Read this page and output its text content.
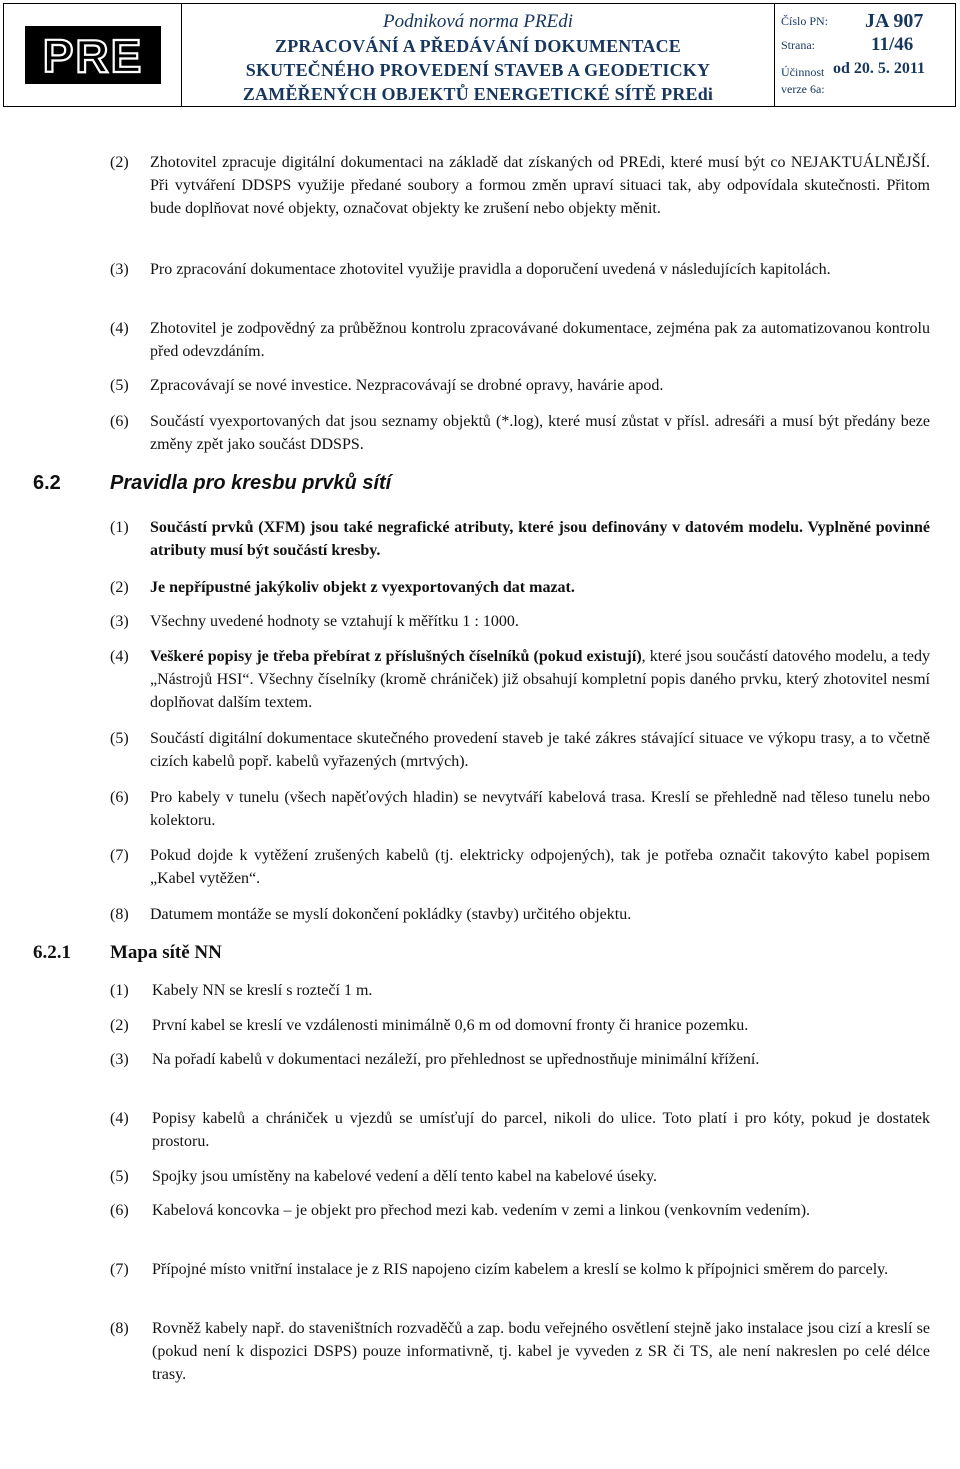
PRE
Podniková norma PREdi
ZPRACOVÁNÍ A PŘEDÁVÁNÍ DOKUMENTACE
SKUTEČNÉHO PROVEDENÍ STAVEB A GEODETICKY
ZAMĚŘENÝCH OBJEKTŮ ENERGETICKÉ SÍTĚ PREdi
Číslo PN: JA 907
Strana:	11/46
Účinnost od 20. 5. 2011
verze 6a:
(2) Zhotovitel zpracuje digitální dokumentaci na základě dat získaných od PREdi, které musí být co NEJAKTUÁLNĚJŠÍ. Při vytváření DDSPS využije předané soubory a formou změn upraví situaci tak, aby odpovídala skutečnosti. Přitom bude doplňovat nové objekty, označovat objekty ke zrušení nebo objekty měnit.
(3) Pro zpracování dokumentace zhotovitel využije pravidla a doporučení uvedená v následujících kapitolách.
(4) Zhotovitel je zodpovědný za průběžnou kontrolu zpracovávané dokumentace, zejména pak za automatizovanou kontrolu před odevzdáním.
(5) Zpracovávají se nové investice. Nezpracovávají se drobné opravy, havárie apod.
(6) Součástí vyexportovaných dat jsou seznamy objektů (*.log), které musí zůstat v přísl. adresáři a musí být předány beze změny zpět jako součást DDSPS.
6.2 Pravidla pro kresbu prvků sítí
(1) Součástí prvků (XFM) jsou také negrafické atributy, které jsou definovány v datovém modelu. Vyplněné povinné atributy musí být součástí kresby.
(2) Je nepřípustné jakýkoliv objekt z vyexportovaných dat mazat.
(3) Všechny uvedené hodnoty se vztahují k měřítku 1 : 1000.
(4) Veškeré popisy je třeba přebírat z příslušných číselníků (pokud existují), které jsou součástí datového modelu, a tedy „Nástrojů HSI“. Všechny číselníky (kromě chrániček) již obsahují kompletní popis daného prvku, který zhotovitel nesmí doplňovat dalším textem.
(5) Součástí digitální dokumentace skutečného provedení staveb je také zákres stávající situace ve výkopu trasy, a to včetně cizích kabelů popř. kabelů vyřazených (mrtvých).
(6) Pro kabely v tunelu (všech napěťových hladin) se nevytváří kabelová trasa. Kreslí se přehledně nad těleso tunelu nebo kolektoru.
(7) Pokud dojde k vytěžení zrušených kabelů (tj. elektricky odpojených), tak je potřeba označit takovýto kabel popisem „Kabel vytěžen“.
(8) Datumem montáže se myslí dokončení pokládky (stavby) určitého objektu.
6.2.1 Mapa sítě NN
(1) Kabely NN se kreslí s roztečí 1 m.
(2) První kabel se kreslí ve vzdálenosti minimálně 0,6 m od domovní fronty či hranice pozemku.
(3) Na pořadí kabelů v dokumentaci nezáleží, pro přehlednost se upřednostňuje minimální křížení.
(4) Popisy kabelů a chrániček u vjezdů se umísťují do parcel, nikoli do ulice. Toto platí i pro kóty, pokud je dostatek prostoru.
(5) Spojky jsou umístěny na kabelové vedení a dělí tento kabel na kabelové úseky.
(6) Kabelová koncovka – je objekt pro přechod mezi kab. vedením v zemi a linkou (venkovním vedením).
(7) Přípojné místo vnitřní instalace je z RIS napojeno cizím kabelem a kreslí se kolmo k přípojnici směrem do parcely.
(8) Rovněž kabely např. do staveništních rozvaděčů a zap. bodu veřejného osvětlení stejně jako instalace jsou cizí a kreslí se (pokud není k dispozici DSPS) pouze informativně, tj. kabel je vyveden z SR či TS, ale není nakreslen po celé délce trasy.
